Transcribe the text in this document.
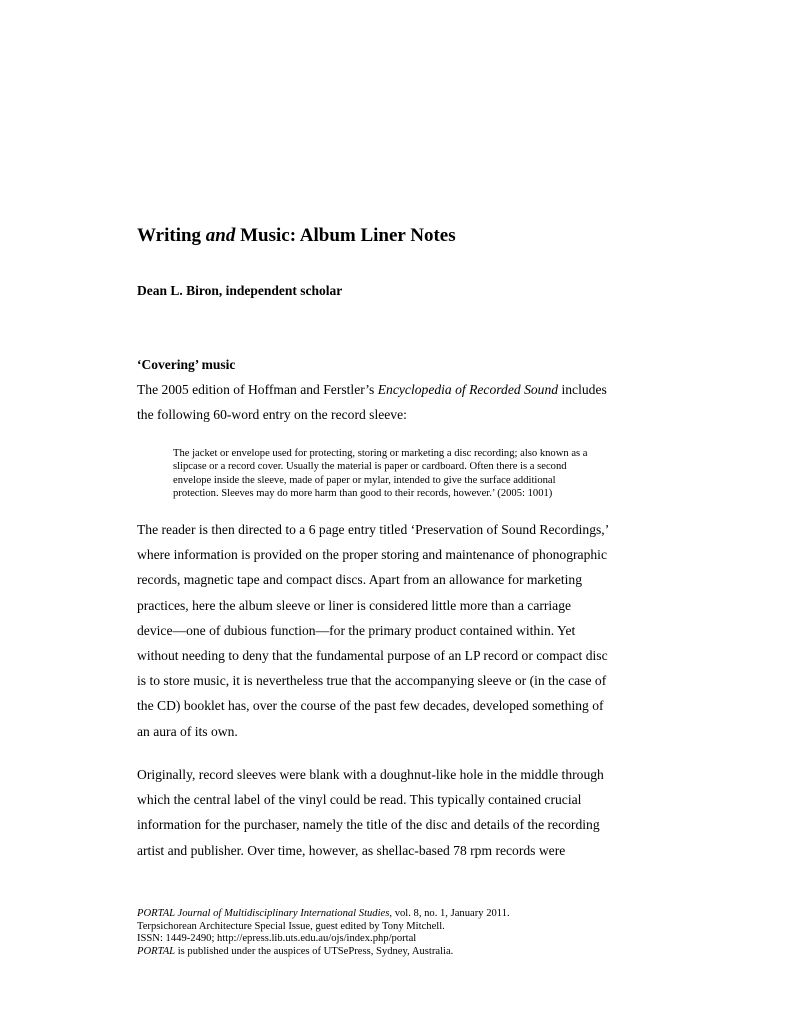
Writing and Music: Album Liner Notes

Dean L. Biron, independent scholar

‘Covering’ music

The 2005 edition of Hoffman and Ferstler’s Encyclopedia of Recorded Sound includes
the following 60-word entry on the record sleeve:

The jacket or envelope used for protecting, storing or marketing a disc recording; also known as a
slipcase or a record cover. Usually the material is paper or cardboard. Often there is a second
envelope inside the sleeve, made of paper or mylar, intended to give the surface additional
protection. Sleeves may do more harm than good to their records, however.’ (2005: 1001)

The reader is then directed to a 6 page entry titled ‘Preservation of Sound Recordings,’
where information is provided on the proper storing and maintenance of phonographic
records, magnetic tape and compact discs. Apart from an allowance for marketing
practices, here the album sleeve or liner is considered little more than a carriage
device—one of dubious function—for the primary product contained within. Yet
without needing to deny that the fundamental purpose of an LP record or compact disc
is to store music, it is nevertheless true that the accompanying sleeve or (in the case of
the CD) booklet has, over the course of the past few decades, developed something of
an aura of its own.

Originally, record sleeves were blank with a doughnut-like hole in the middle through
which the central label of the vinyl could be read. This typically contained crucial
information for the purchaser, namely the title of the disc and details of the recording
artist and publisher. Over time, however, as shellac-based 78 rpm records were

PORTAL Journal of Multidisciplinary International Studies, vol. 8, no. 1, January 2011.
Terpsichorean Architecture Special Issue, guest edited by Tony Mitchell.
ISSN: 1449-2490; http://epress.lib.uts.edu.au/ojs/index.php/portal
PORTAL is published under the auspices of UTSePress, Sydney, Australia.
